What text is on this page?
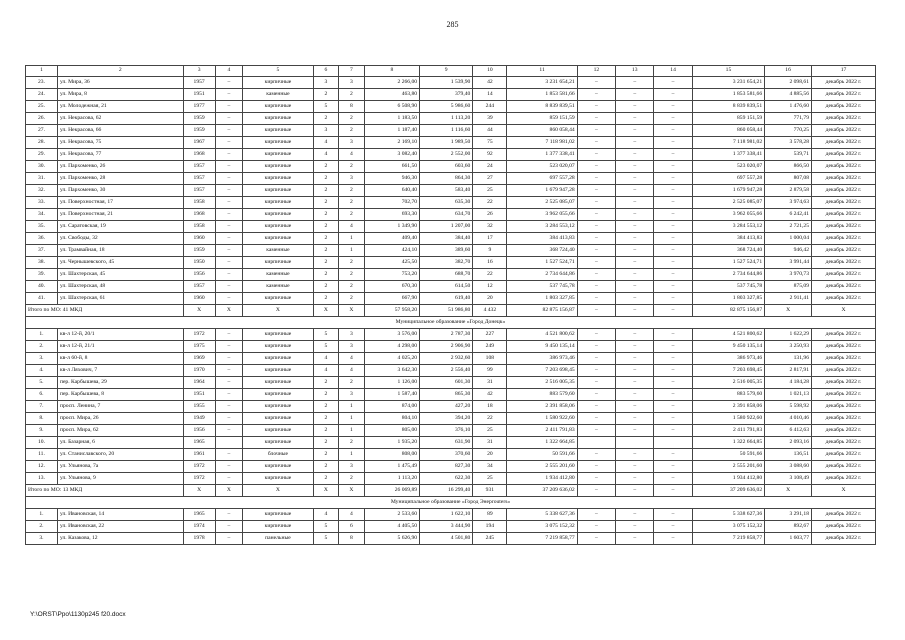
285
1	2	3	4	5	6	7	8	9	10	11	12	13	14	15	16	17
23.	ул. Мира, 36	1957	–	кирпичные	3	3	2 266,00	1 539,90	42	3 231 654,21	–	–	–	3 231 654,21	2 098,61	декабрь 2022 г.
24.	ул. Мира, 8	1951	–	каменные	2	2	463,80	379,40	14	1 853 581,66	–	–	–	1 853 581,66	4 885,56	декабрь 2022 г.
25.	ул. Молодежная, 21	1977	–	кирпичные	5	8	6 508,90	5 986,60	244	8 839 839,51	–	–	–	8 839 839,51	1 476,60	декабрь 2022 г.
26.	ул. Некрасова, 62	1959	–	кирпичные	2	2	1 183,50	1 113,20	39	859 151,59	–	–	–	859 151,59	771,79	декабрь 2022 г.
27.	ул. Некрасова, 66	1959	–	кирпичные	3	2	1 187,40	1 116,60	44	860 058,44	–	–	–	860 058,44	770,25	декабрь 2022 г.
28.	ул. Некрасова, 75	1967	–	кирпичные	4	3	2 169,10	1 989,50	75	7 118 981,02	–	–	–	7 118 981,02	3 578,28	декабрь 2022 г.
29.	ул. Некрасова, 77	1968	–	кирпичные	4	4	3 082,40	2 552,00	92	1 377 338,41	–	–	–	1 377 338,41	539,71	декабрь 2022 г.
30.	ул. Пархоменко, 26	1957	–	кирпичные	2	2	661,50	603,60	24	523 020,07	–	–	–	523 020,07	866,50	декабрь 2022 г.
31.	ул. Пархоменко, 28	1957	–	кирпичные	2	3	946,30	864,30	27	697 557,28	–	–	–	697 557,28	807,08	декабрь 2022 г.
32.	ул. Пархоменко, 30	1957	–	кирпичные	2	2	640,40	583,40	25	1 679 947,28	–	–	–	1 679 947,28	2 879,58	декабрь 2022 г.
33.	ул. Поверхностная, 17	1958	–	кирпичные	2	2	702,70	635,30	22	2 525 085,07	–	–	–	2 525 085,07	3 974,63	декабрь 2022 г.
34.	ул. Поверхностная, 21	1968	–	кирпичные	2	2	693,30	634,70	26	3 962 055,66	–	–	–	3 962 055,66	6 242,41	декабрь 2022 г.
35.	ул. Саратовская, 19	1958	–	кирпичные	2	4	1 349,90	1 207,00	32	3 284 553,12	–	–	–	3 284 553,12	2 721,25	декабрь 2022 г.
36.	ул. Свободы, 32	1960	–	кирпичные	2	1	409,40	384,40	17	384 413,83	–	–	–	384 413,83	1 000,04	декабрь 2022 г.
37.	ул. Трамвайная, 18	1959	–	каменные	2	1	424,10	389,60	9	368 724,40	–	–	–	368 724,40	946,42	декабрь 2022 г.
38.	ул. Чернышевского, 45	1950	–	кирпичные	2	2	425,50	382,70	16	1 527 524,71	–	–	–	1 527 524,71	3 991,44	декабрь 2022 г.
39.	ул. Шахтерская, 45	1956	–	каменные	2	2	753,20	688,70	22	2 734 644,86	–	–	–	2 734 644,86	3 970,73	декабрь 2022 г.
40.	ул. Шахтерская, 48	1957	–	каменные	2	2	670,30	614,50	12	537 745,78	–	–	–	537 745,78	875,09	декабрь 2022 г.
41.	ул. Шахтерская, 61	1960	–	кирпичные	2	2	667,90	619,40	20	1 803 327,85	–	–	–	1 803 327,85	2 911,41	декабрь 2022 г.
Итого по МО: 41 МКД		X	X	X	X	X	57 958,20	51 986,80	4 432	82 875 156,87	–	–	–	82 875 156,87	X	X
Муниципальное образование «Город Донецк»																
1.	кв-л 12-й, 20/1	1972	–	кирпичные	5	3	3 576,00	2 787,30	227	4 521 800,62	–	–	–	4 521 800,62	1 622,29	декабрь 2022 г.
2.	кв-л 12-й, 21/1	1975	–	кирпичные	5	3	4 298,00	2 906,90	249	9 450 135,14	–	–	–	9 450 135,14	3 250,93	декабрь 2022 г.
3.	кв-л 60-й, 8	1969	–	кирпичные	4	4	4 025,20	2 932,60	108	386 973,46	–	–	–	386 973,46	131,96	декабрь 2022 г.
4.	кв-л Ляхович, 7	1970	–	кирпичные	4	4	3 642,30	2 556,40	99	7 203 698,45	–	–	–	7 203 698,45	2 817,91	декабрь 2022 г.
5.	пер. Карбышева, 29	1964	–	кирпичные	2	2	1 126,00	601,30	31	2 516 005,35	–	–	–	2 516 005,35	4 184,28	декабрь 2022 г.
6.	пер. Карбышева, 8	1951	–	кирпичные	2	3	1 587,40	865,30	42	883 579,60	–	–	–	883 579,60	1 021,13	декабрь 2022 г.
7.	просп. Ленина, 7	1955	–	кирпичные	2	1	874,00	427,20	18	2 391 858,06	–	–	–	2 391 858,06	5 598,92	декабрь 2022 г.
8.	просп. Мира, 26	1949	–	кирпичные	2	1	804,10	394,20	22	1 580 922,60	–	–	–	1 580 922,60	4 010,46	декабрь 2022 г.
9.	просп. Мира, 62	1956	–	кирпичные	2	1	805,00	376,10	25	2 411 791,83	–	–	–	2 411 791,83	6 412,63	декабрь 2022 г.
10.	ул. Базарная, 6	1965		кирпичные	2	2	1 935,20	631,90	31	1 322 664,85				1 322 664,85	2 093,16	декабрь 2022 г.
11.	ул. Станиславского, 20	1961	–	блочные	2	1	808,00	370,60	20	50 591,66	–	–	–	50 591,66	136,51	декабрь 2022 г.
12.	ул. Ульянова, 7а	1972	–	кирпичные	2	3	1 475,49	827,30	34	2 555 201,60	–	–	–	2 555 201,60	3 088,60	декабрь 2022 г.
13.	ул. Ульянова, 9	1972	–	кирпичные	2	2	1 113,20	622,30	25	1 934 412,80	–	–	–	1 934 412,80	3 108,49	декабрь 2022 г.
Итого по МО: 13 МКД		X	X	X	X	X	26 069,89	16 299,40	931	37 209 636,02	–	–	–	37 209 636,02	X	X
Муниципальное образование «Город Энерrouters»																
1.	ул. Ивановская, 14	1965	–	кирпичные	4	4	2 533,60	1 622,10	89	5 338 627,36	–	–	–	5 338 627,36	3 291,18	декабрь 2022 г.
2.	ул. Ивановская, 22	1974	–	кирпичные	5	6	4 405,50	3 444,90	194	3 075 152,32	–	–	–	3 075 152,32	892,67	декабрь 2022 г.
3.	ул. Казакова, 12	1978	–	панельные	5	8	5 626,90	4 501,80	245	7 219 858,77	–	–	–	7 219 858,77	1 603,77	декабрь 2022 г.
Y:\ORST\Ppo\1130p245 f20.docx
